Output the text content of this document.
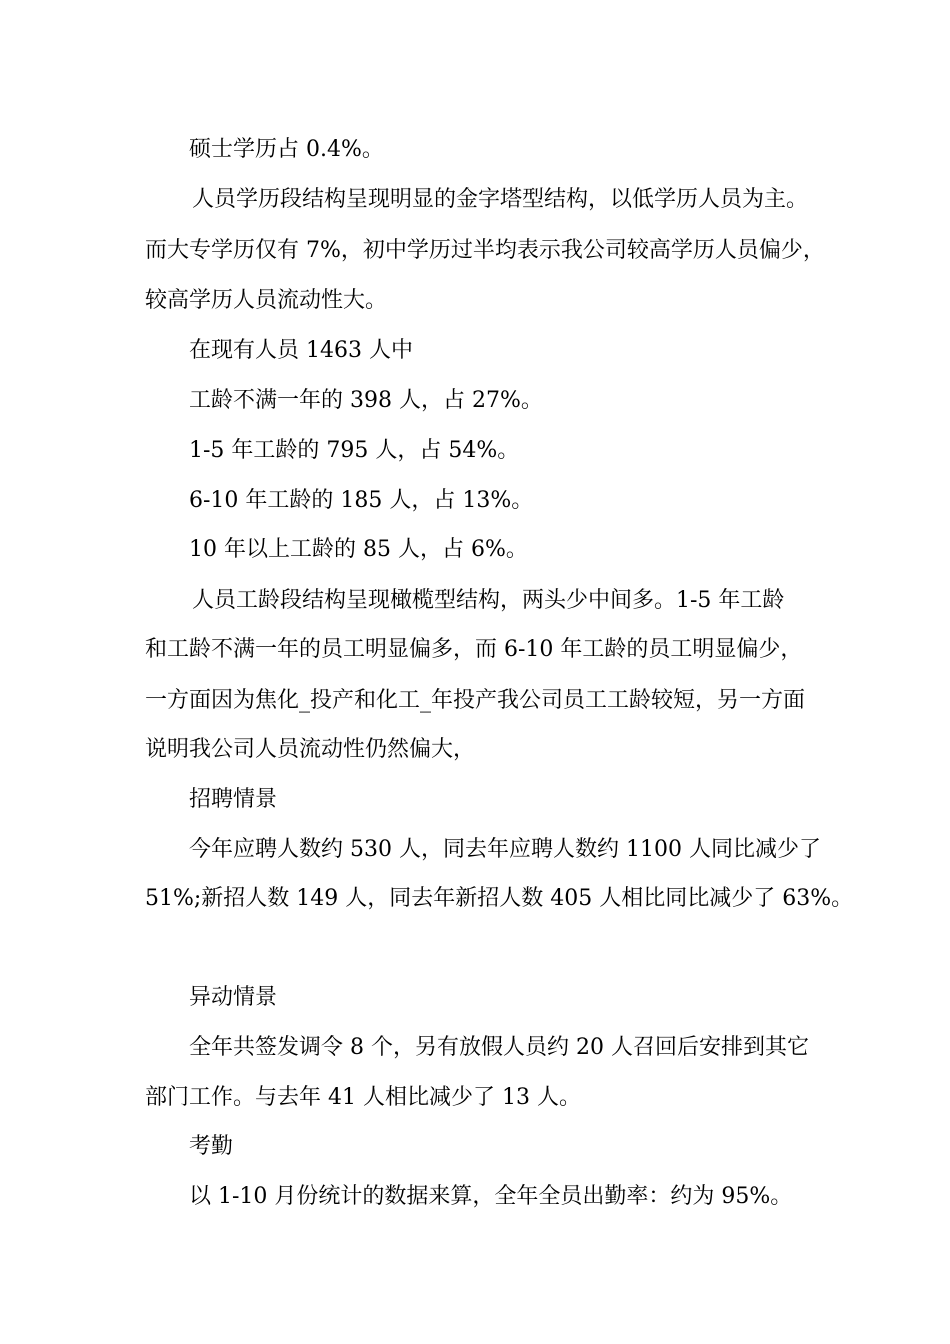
硕士学历占 0.4%。
人员学历段结构呈现明显的金字塔型结构，以低学历人员为主。
而大专学历仅有 7%，初中学历过半均表示我公司较高学历人员偏少，
较高学历人员流动性大。
在现有人员 1463 人中
工龄不满一年的 398 人，占 27%。
1-5 年工龄的 795 人，占 54%。
6-10 年工龄的 185 人，占 13%。
10 年以上工龄的 85 人，占 6%。
人员工龄段结构呈现橄榄型结构，两头少中间多。1-5 年工龄
和工龄不满一年的员工明显偏多，而 6-10 年工龄的员工明显偏少，
一方面因为焦化_投产和化工_年投产我公司员工工龄较短，另一方面
说明我公司人员流动性仍然偏大，
招聘情景
今年应聘人数约 530 人，同去年应聘人数约 1100 人同比减少了
51%;新招人数 149 人，同去年新招人数 405 人相比同比减少了 63%。
异动情景
全年共签发调令 8 个，另有放假人员约 20 人召回后安排到其它
部门工作。与去年 41 人相比减少了 13 人。
考勤
以 1-10 月份统计的数据来算，全年全员出勤率：约为 95%。
